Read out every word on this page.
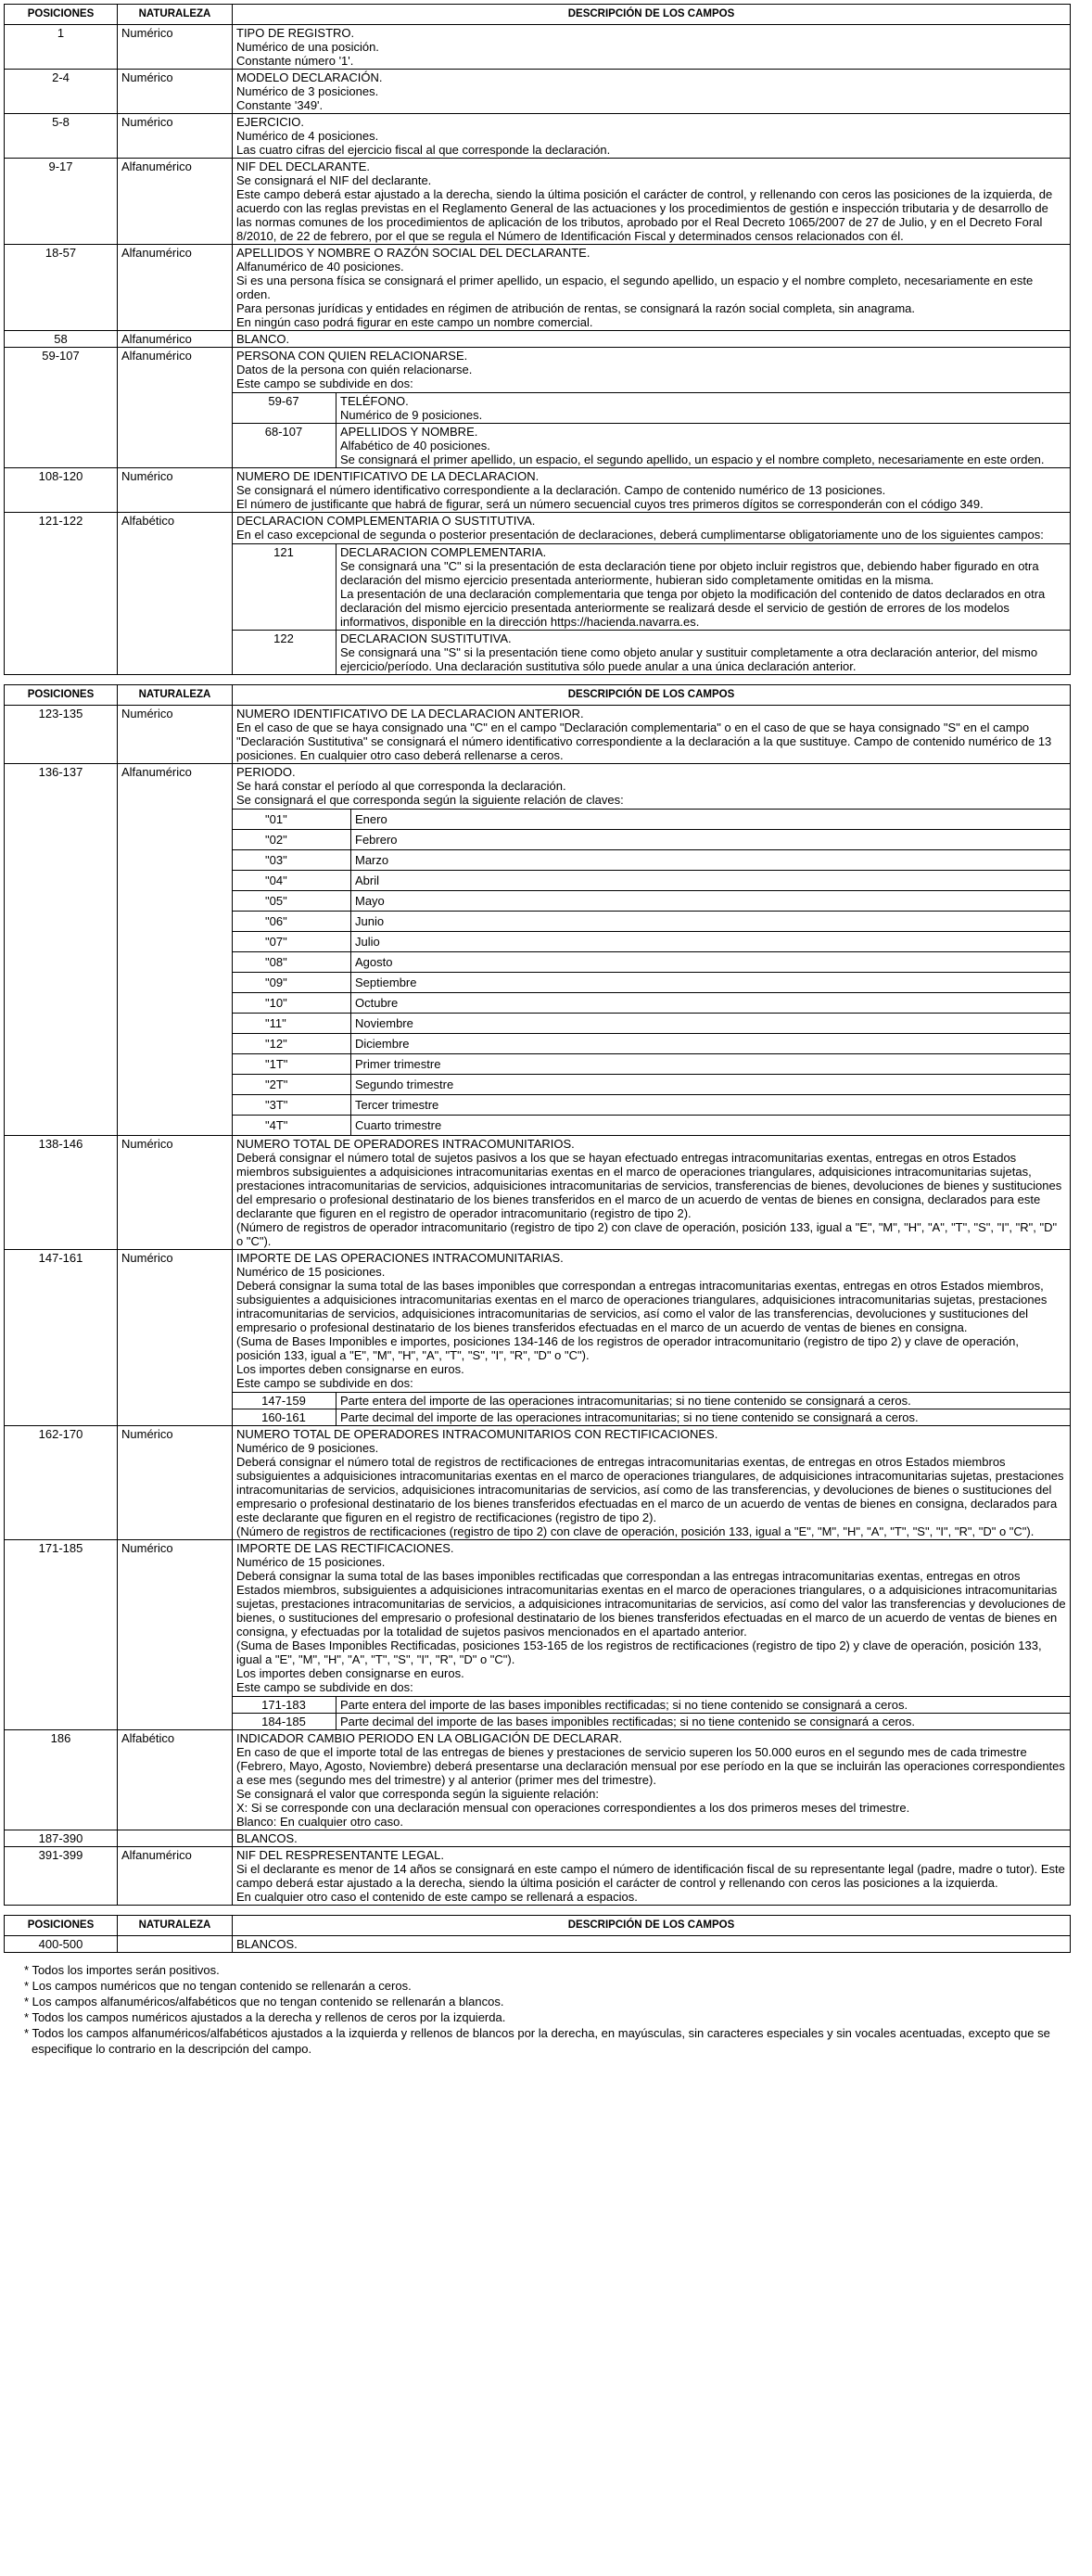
POSICIONES	NATURALEZA	DESCRIPCIÓN DE LOS CAMPOS
1	Numérico	TIPO DE REGISTRO.
Numérico de una posición.
Constante número '1'.

2-4	Numérico	MODELO DECLARACIÓN.
Numérico de 3 posiciones.
Constante '349'.

5-8	Numérico	EJERCICIO.
Numérico de 4 posiciones.
Las cuatro cifras del ejercicio fiscal al que corresponde la declaración.

9-17	Alfanumérico	NIF DEL DECLARANTE.
Se consignará el NIF del declarante.
Este campo deberá estar ajustado a la derecha, siendo la última posición el carácter de control, y rellenando con ceros las posiciones de la izquierda, de acuerdo con las reglas previstas en el Reglamento General de las actuaciones y los procedimientos de gestión e inspección tributaria y de desarrollo de las normas comunes de los procedimientos de aplicación de los tributos, aprobado por el Real Decreto 1065/2007 de 27 de Julio, y en el Decreto Foral 8/2010, de 22 de febrero, por el que se regula el Número de Identificación Fiscal y determinados censos relacionados con él.

18-57	Alfanumérico	APELLIDOS Y NOMBRE O RAZÓN SOCIAL DEL DECLARANTE.
Alfanumérico de 40 posiciones.
Si es una persona física se consignará el primer apellido, un espacio, el segundo apellido, un espacio y el nombre completo, necesariamente en este orden.
Para personas jurídicas y entidades en régimen de atribución de rentas, se consignará la razón social completa, sin anagrama.
En ningún caso podrá figurar en este campo un nombre comercial.

58	Alfanumérico	BLANCO.

59-107	Alfanumérico	PERSONA CON QUIEN RELACIONARSE.
Datos de la persona con quién relacionarse.
Este campo se subdivide en dos:
59-67	TELÉFONO.
Numérico de 9 posiciones.

68-107	APELLIDOS Y NOMBRE.
Alfabético de 40 posiciones.
Se consignará el primer apellido, un espacio, el segundo apellido, un espacio y el nombre completo, necesariamente en este orden.

108-120	Numérico	NUMERO DE IDENTIFICATIVO DE LA DECLARACION.
Se consignará el número identificativo correspondiente a la declaración. Campo de contenido numérico de 13 posiciones.
El número de justificante que habrá de figurar, será un número secuencial cuyos tres primeros dígitos se corresponderán con el código 349.

121-122	Alfabético	DECLARACION COMPLEMENTARIA O SUSTITUTIVA.
En el caso excepcional de segunda o posterior presentación de declaraciones, deberá cumplimentarse obligatoriamente uno de los siguientes campos:
121	DECLARACION COMPLEMENTARIA.
Se consignará una "C" si la presentación de esta declaración tiene por objeto incluir registros que, debiendo haber figurado en otra declaración del mismo ejercicio presentada anteriormente, hubieran sido completamente omitidas en la misma.
La presentación de una declaración complementaria que tenga por objeto la modificación del contenido de datos declarados en otra declaración del mismo ejercicio presentada anteriormente se realizará desde el servicio de gestión de errores de los modelos informativos, disponible en la dirección https://hacienda.navarra.es.

122	DECLARACION SUSTITUTIVA.
Se consignará una "S" si la presentación tiene como objeto anular y sustituir completamente a otra declaración anterior, del mismo ejercicio/período. Una declaración sustitutiva sólo puede anular a una única declaración anterior.
POSICIONES	NATURALEZA	DESCRIPCIÓN DE LOS CAMPOS
123-135	Numérico	NUMERO IDENTIFICATIVO DE LA DECLARACION ANTERIOR.
En el caso de que se haya consignado una "C" en el campo "Declaración complementaria" o en el caso de que se haya consignado "S" en el campo "Declaración Sustitutiva" se consignará el número identificativo correspondiente a la declaración a la que sustituye. Campo de contenido numérico de 13 posiciones. En cualquier otro caso deberá rellenarse a ceros.

136-137	Alfanumérico	PERIODO.
Se hará constar el período al que corresponda la declaración.
Se consignará el que corresponda según la siguiente relación de claves:
"01"	Enero

"02"	Febrero

"03"	Marzo

"04"	Abril

"05"	Mayo

"06"	Junio

"07"	Julio

"08"	Agosto

"09"	Septiembre

"10"	Octubre

"11"	Noviembre

"12"	Diciembre

"1T"	Primer trimestre

"2T"	Segundo trimestre

"3T"	Tercer trimestre

"4T"	Cuarto trimestre

138-146	Numérico	NUMERO TOTAL DE OPERADORES INTRACOMUNITARIOS.
Deberá consignar el número total de sujetos pasivos a los que se hayan efectuado entregas intracomunitarias exentas, entregas en otros Estados miembros subsiguientes a adquisiciones intracomunitarias exentas en el marco de operaciones triangulares, adquisiciones intracomunitarias sujetas, prestaciones intracomunitarias de servicios, adquisiciones intracomunitarias de servicios, transferencias de bienes, devoluciones de bienes y sustituciones del empresario o profesional destinatario de los bienes transferidos en el marco de un acuerdo de ventas de bienes en consigna, declarados para este declarante que figuren en el registro de operador intracomunitario (registro de tipo 2).
(Número de registros de operador intracomunitario (registro de tipo 2) con clave de operación, posición 133, igual a "E", "M", "H", "A", "T", "S", "I", "R", "D" o "C").

147-161	Numérico	IMPORTE DE LAS OPERACIONES INTRACOMUNITARIAS.
Numérico de 15 posiciones.
Deberá consignar la suma total de las bases imponibles que correspondan a entregas intracomunitarias exentas, entregas en otros Estados miembros, subsiguientes a adquisiciones intracomunitarias exentas en el marco de operaciones triangulares, adquisiciones intracomunitarias sujetas, prestaciones intracomunitarias de servicios, adquisiciones intracomunitarias de servicios, así como el valor de las transferencias, devoluciones y sustituciones del empresario o profesional destinatario de los bienes transferidos efectuadas en el marco de un acuerdo de ventas de bienes en consigna.
(Suma de Bases Imponibles e importes, posiciones 134-146 de los registros de operador intracomunitario (registro de tipo 2) y clave de operación, posición 133, igual a "E", "M", "H", "A", "T", "S", "I", "R", "D" o "C").
Los importes deben consignarse en euros.
Este campo se subdivide en dos:
147-159	Parte entera del importe de las operaciones intracomunitarias; si no tiene contenido se consignará a ceros.

160-161	Parte decimal del importe de las operaciones intracomunitarias; si no tiene contenido se consignará a ceros.

162-170	Numérico	NUMERO TOTAL DE OPERADORES INTRACOMUNITARIOS CON RECTIFICACIONES.
Numérico de 9 posiciones.
Deberá consignar el número total de registros de rectificaciones de entregas intracomunitarias exentas, de entregas en otros Estados miembros subsiguientes a adquisiciones intracomunitarias exentas en el marco de operaciones triangulares, de adquisiciones intracomunitarias sujetas, prestaciones intracomunitarias de servicios, adquisiciones intracomunitarias de servicios, así como de las transferencias, y devoluciones de bienes o sustituciones del empresario o profesional destinatario de los bienes transferidos efectuadas en el marco de un acuerdo de ventas de bienes en consigna, declarados para este declarante que figuren en el registro de rectificaciones (registro de tipo 2).
(Número de registros de rectificaciones (registro de tipo 2) con clave de operación, posición 133, igual a "E", "M", "H", "A", "T", "S", "I", "R", "D" o "C").

171-185	Numérico	IMPORTE DE LAS RECTIFICACIONES.
Numérico de 15 posiciones.
Deberá consignar la suma total de las bases imponibles rectificadas que correspondan a las entregas intracomunitarias exentas, entregas en otros Estados miembros, subsiguientes a adquisiciones intracomunitarias exentas en el marco de operaciones triangulares, o a adquisiciones intracomunitarias sujetas, prestaciones intracomunitarias de servicios, a adquisiciones intracomunitarias de servicios, así como del valor las transferencias y devoluciones de bienes, o sustituciones del empresario o profesional destinatario de los bienes transferidos efectuadas en el marco de un acuerdo de ventas de bienes en consigna, y efectuadas por la totalidad de sujetos pasivos mencionados en el apartado anterior.
(Suma de Bases Imponibles Rectificadas, posiciones 153-165 de los registros de rectificaciones (registro de tipo 2) y clave de operación, posición 133, igual a "E", "M", "H", "A", "T", "S", "I", "R", "D" o "C").
Los importes deben consignarse en euros.
Este campo se subdivide en dos:
171-183	Parte entera del importe de las bases imponibles rectificadas; si no tiene contenido se consignará a ceros.

184-185	Parte decimal del importe de las bases imponibles rectificadas; si no tiene contenido se consignará a ceros.

186	Alfabético	INDICADOR CAMBIO PERIODO EN LA OBLIGACIÓN DE DECLARAR.
En caso de que el importe total de las entregas de bienes y prestaciones de servicio superen los 50.000 euros en el segundo mes de cada trimestre (Febrero, Mayo, Agosto, Noviembre) deberá presentarse una declaración mensual por ese período en la que se incluirán las operaciones correspondientes a ese mes (segundo mes del trimestre) y al anterior (primer mes del trimestre).
Se consignará el valor que corresponda según la siguiente relación:
X: Si se corresponde con una declaración mensual con operaciones correspondientes a los dos primeros meses del trimestre.
Blanco: En cualquier otro caso.

187-390		BLANCOS.

391-399	Alfanumérico	NIF DEL RESPRESENTANTE LEGAL.
Si el declarante es menor de 14 años se consignará en este campo el número de identificación fiscal de su representante legal (padre, madre o tutor). Este campo deberá estar ajustado a la derecha, siendo la última posición el carácter de control y rellenando con ceros las posiciones a la izquierda.
En cualquier otro caso el contenido de este campo se rellenará a espacios.
POSICIONES	NATURALEZA	DESCRIPCIÓN DE LOS CAMPOS
400-500		BLANCOS.
* Todos los importes serán positivos.
* Los campos numéricos que no tengan contenido se rellenarán a ceros.
* Los campos alfanuméricos/alfabéticos que no tengan contenido se rellenarán a blancos.
* Todos los campos numéricos ajustados a la derecha y rellenos de ceros por la izquierda.
* Todos los campos alfanuméricos/alfabéticos ajustados a la izquierda y rellenos de blancos por la derecha, en mayúsculas, sin caracteres especiales y sin vocales acentuadas, excepto que se especifique lo contrario en la descripción del campo.
